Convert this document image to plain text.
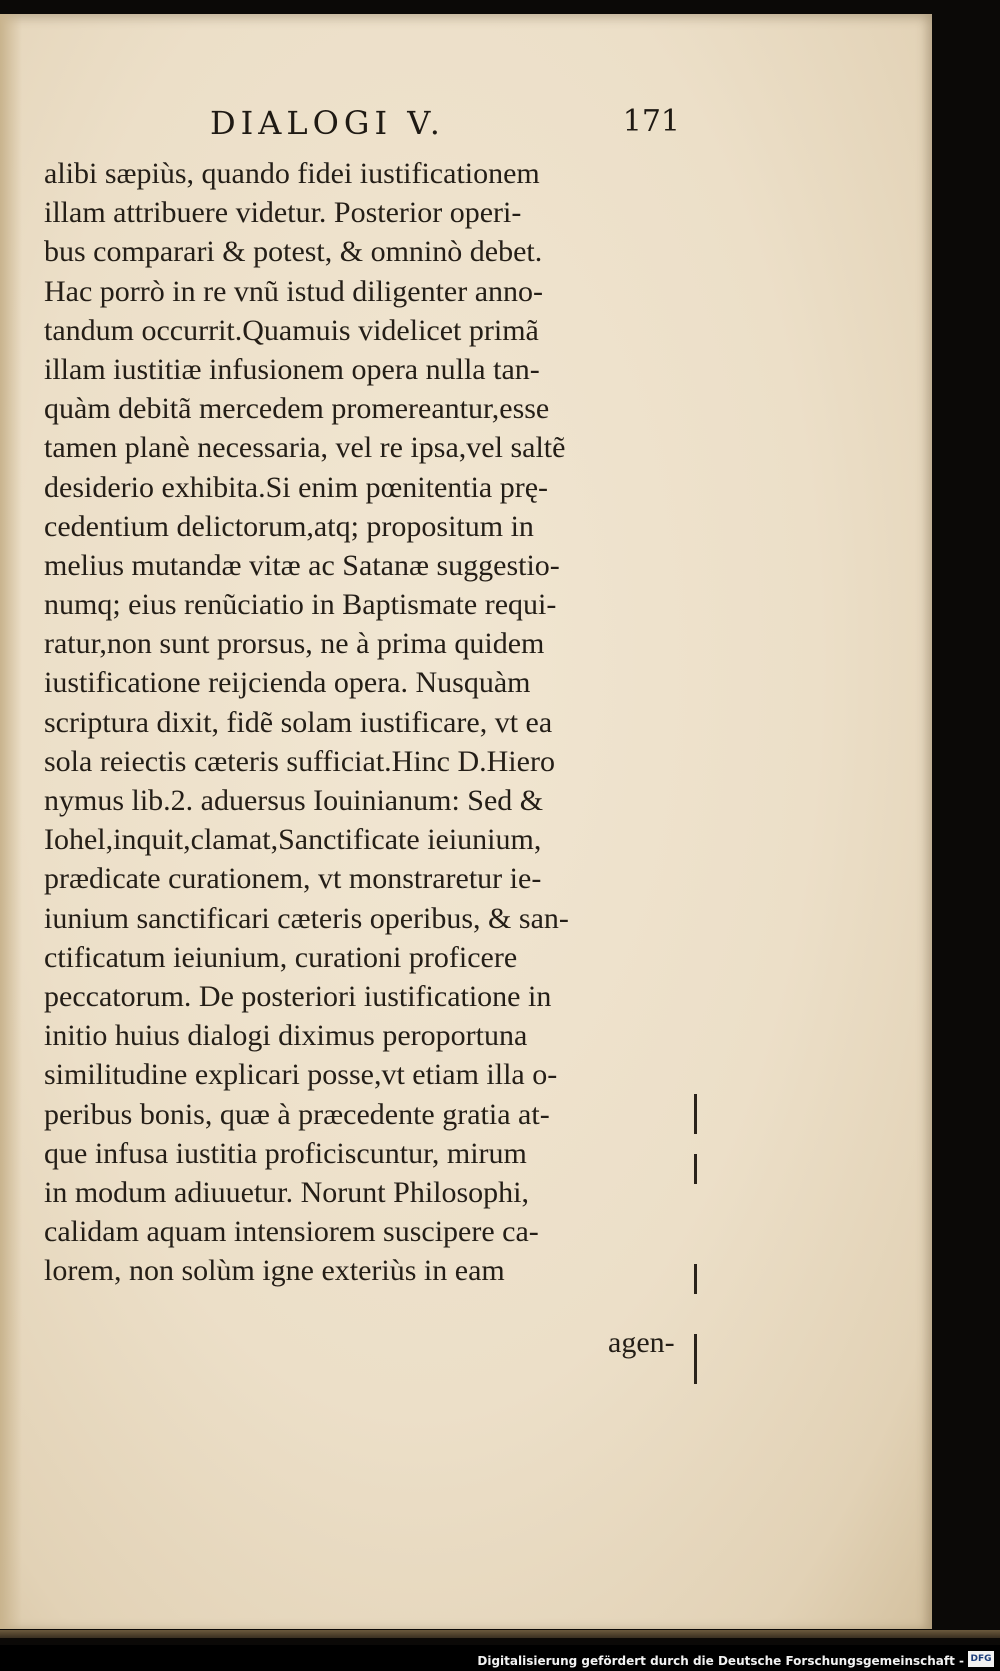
DIALOGI V.	171
alibi sæpiùs, quando fidei iustificationem
illam attribuere videtur. Posterior operi-
bus comparari & potest, & omninò debet.
Hac porrò in re vnũ istud diligenter anno-
tandum occurrit.Quamuis videlicet primã
illam iustitiæ infusionem opera nulla tan-
quàm debitã mercedem promereantur,esse
tamen planè necessaria, vel re ipsa,vel saltẽ
desiderio exhibita.Si enim pœnitentia prę-
cedentium delictorum,atq; propositum in
melius mutandæ vitæ ac Satanæ suggestio-
numq; eius renũciatio in Baptismate requi-
ratur,non sunt prorsus, ne à prima quidem
iustificatione reijcienda opera. Nusquàm
scriptura dixit, fidẽ solam iustificare, vt ea
sola reiectis cæteris sufficiat.Hinc D.Hiero
nymus lib.2. aduersus Iouinianum: Sed &
Iohel,inquit,clamat,Sanctificate ieiunium,
prædicate curationem, vt monstraretur ie-
iunium sanctificari cæteris operibus, & san-
ctificatum ieiunium, curationi proficere
peccatorum. De posteriori iustificatione in
initio huius dialogi diximus peroportuna
similitudine explicari posse,vt etiam illa o-
peribus bonis, quæ à præcedente gratia at-
que infusa iustitia proficiscuntur, mirum
in modum adiuuetur. Norunt Philosophi,
calidam aquam intensiorem suscipere ca-
lorem, non solùm igne exteriùs in eam
agen-
Digitalisierung gefördert durch die Deutsche Forschungsgemeinschaft - DFG
